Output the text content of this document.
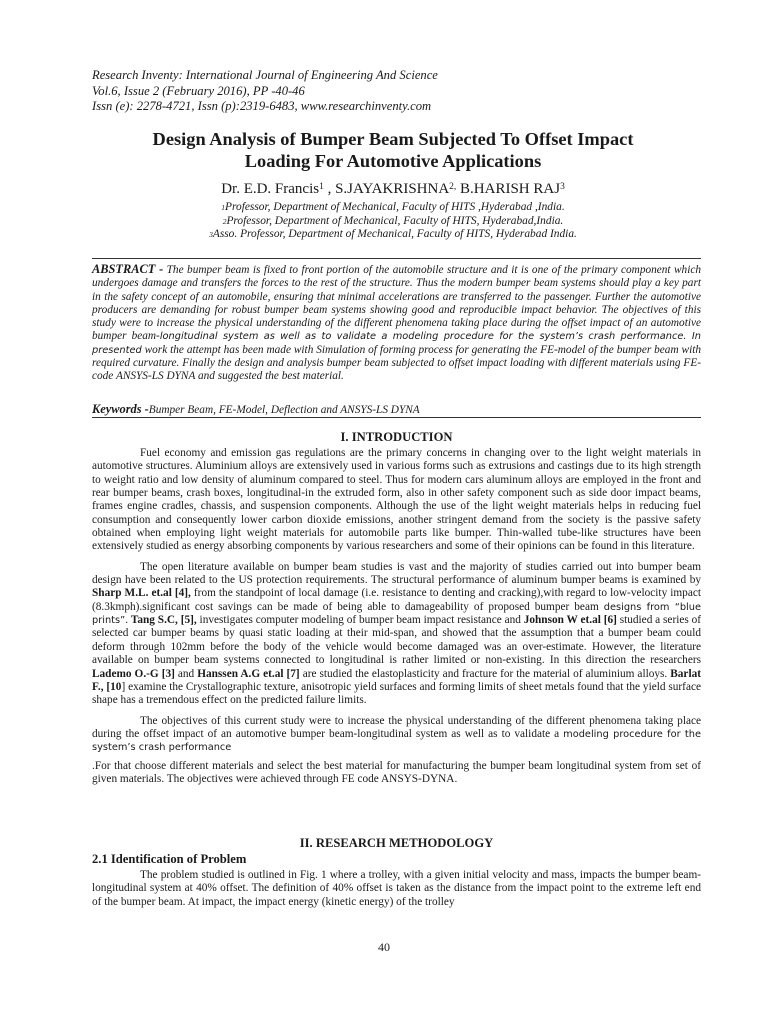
Research Inventy: International Journal of Engineering And Science
Vol.6, Issue 2 (February 2016), PP -40-46
Issn (e): 2278-4721, Issn (p):2319-6483, www.researchinventy.com
Design Analysis of Bumper Beam Subjected To Offset Impact
Loading For Automotive Applications
Dr. E.D. Francis$^1$ , $S.JAYAKRISHNA^{2,}$ B.HARISH RAJ$^3$
$^1$Professor, Department of Mechanical, Faculty of HITS ,Hyderabad ,India.
$^2$Professor, Department of Mechanical, Faculty of HITS, Hyderabad,India.
$^3$Asso. Professor, Department of Mechanical, Faculty of HITS, Hyderabad India.
ABSTRACT - The bumper beam is fixed to front portion of the automobile structure and it is one of the primary component which undergoes damage and transfers the forces to the rest of the structure. Thus the modern bumper beam systems should play a key part in the safety concept of an automobile, ensuring that minimal accelerations are transferred to the passenger. Further the automotive producers are demanding for robust bumper beam systems showing good and reproducible impact behavior. The objectives of this study were to increase the physical understanding of the different phenomena taking place during the offset impact of an automotive bumper beam-longitudinal system as well as to validate a modeling procedure for the system’s crash performance. In presented work the attempt has been made with Simulation of forming process for generating the FE-model of the bumper beam with required curvature. Finally the design and analysis bumper beam subjected to offset impact loading with different materials using FE-code ANSYS-LS DYNA and suggested the best material.
Keywords -Bumper Beam, FE-Model, Deflection and ANSYS-LS DYNA
I. INTRODUCTION

Fuel economy and emission gas regulations are the primary concerns in changing over to the light weight materials in automotive structures. Aluminium alloys are extensively used in various forms such as extrusions and castings due to its high strength to weight ratio and low density of aluminum compared to steel. Thus for modern cars aluminum alloys are employed in the front and rear bumper beams, crash boxes, longitudinal-in the extruded form, also in other safety component such as side door impact beams, frames engine cradles, chassis, and suspension components. Although the use of the light weight materials helps in reducing fuel consumption and consequently lower carbon dioxide emissions, another stringent demand from the society is the passive safety obtained when employing light weight materials for automobile parts like bumper. Thin-walled tube-like structures have been extensively studied as energy absorbing components by various researchers and some of their opinions can be found in this literature.

The open literature available on bumper beam studies is vast and the majority of studies carried out into bumper beam design have been related to the US protection requirements. The structural performance of aluminum bumper beams is examined by Sharp M.L. et.al [4], from the standpoint of local damage (i.e. resistance to denting and cracking),with regard to low-velocity impact (8.3kmph).significant cost savings can be made of being able to damageability of proposed bumper beam designs from “blue prints”. Tang S.C, [5], investigates computer modeling of bumper beam impact resistance and Johnson W et.al [6] studied a series of selected car bumper beams by quasi static loading at their mid-span, and showed that the assumption that a bumper beam could deform through 102mm before the body of the vehicle would become damaged was an over-estimate. However, the literature available on bumper beam systems connected to longitudinal is rather limited or non-existing. In this direction the researchers Lademo O.-G [3] and Hanssen A.G et.al [7] are studied the elastoplasticity and fracture for the material of aluminium alloys. Barlat F., [10] examine the Crystallographic texture, anisotropic yield surfaces and forming limits of sheet metals found that the yield surface shape has a tremendous effect on the predicted failure limits.

The objectives of this current study were to increase the physical understanding of the different phenomena taking place during the offset impact of an automotive bumper beam-longitudinal system as well as to validate a modeling procedure for the system’s crash performance

.For that choose different materials and select the best material for manufacturing the bumper beam longitudinal system from set of given materials. The objectives were achieved through FE code ANSYS-DYNA.

II. RESEARCH METHODOLOGY
2.1 Identification of Problem

The problem studied is outlined in Fig. 1 where a trolley, with a given initial velocity and mass, impacts the bumper beam-longitudinal system at 40% offset. The definition of 40% offset is taken as the distance from the impact point to the extreme left end of the bumper beam. At impact, the impact energy (kinetic energy) of the trolley

40
